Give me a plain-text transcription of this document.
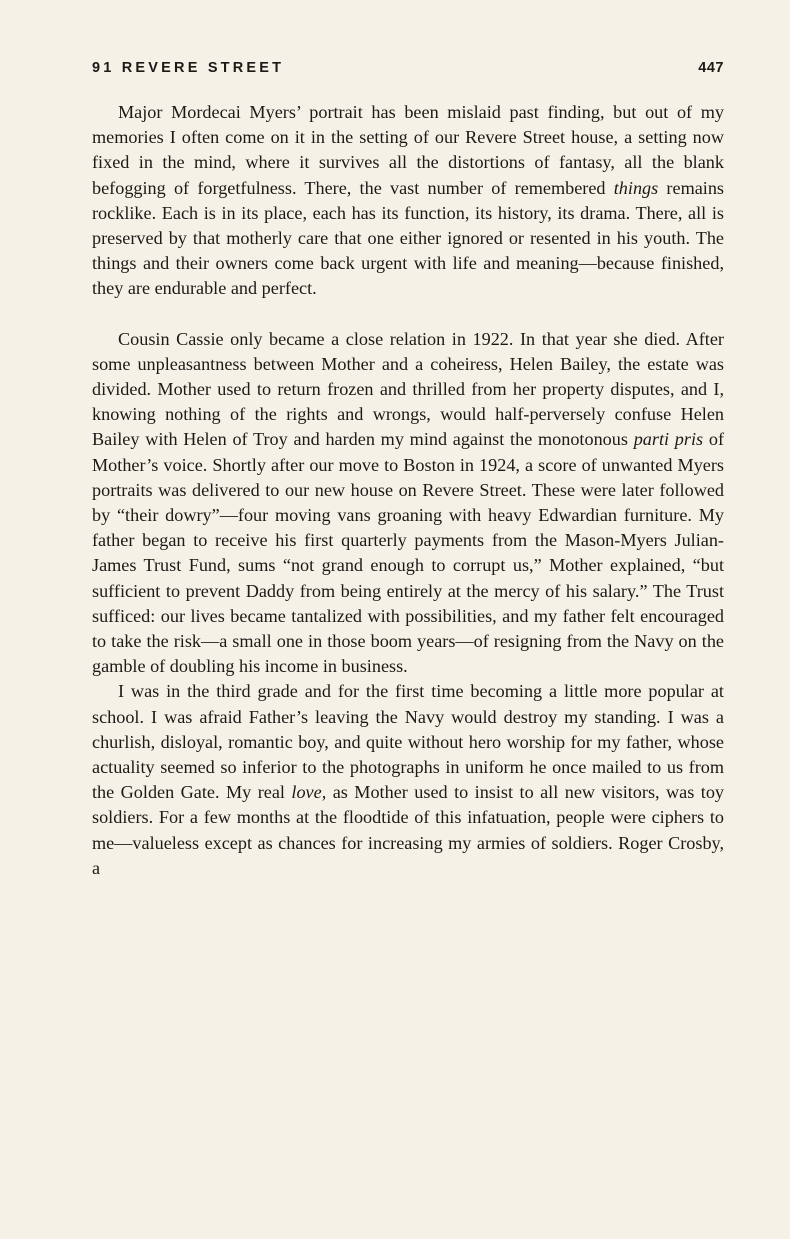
91 REVERE STREET	447

Major Mordecai Myers’ portrait has been mislaid past finding, but out of my memories I often come on it in the setting of our Revere Street house, a setting now fixed in the mind, where it survives all the distortions of fantasy, all the blank befogging of forgetfulness. There, the vast number of remembered things remains rocklike. Each is in its place, each has its function, its history, its drama. There, all is preserved by that motherly care that one either ignored or resented in his youth. The things and their owners come back urgent with life and meaning—because finished, they are endurable and perfect.

Cousin Cassie only became a close relation in 1922. In that year she died. After some unpleasantness between Mother and a coheiress, Helen Bailey, the estate was divided. Mother used to return frozen and thrilled from her property disputes, and I, knowing nothing of the rights and wrongs, would half-perversely confuse Helen Bailey with Helen of Troy and harden my mind against the monotonous parti pris of Mother’s voice. Shortly after our move to Boston in 1924, a score of unwanted Myers portraits was delivered to our new house on Revere Street. These were later followed by “their dowry”—four moving vans groaning with heavy Edwardian furniture. My father began to receive his first quarterly payments from the Mason-Myers Julian-James Trust Fund, sums “not grand enough to corrupt us,” Mother explained, “but sufficient to prevent Daddy from being entirely at the mercy of his salary.” The Trust sufficed: our lives became tantalized with possibilities, and my father felt encouraged to take the risk—a small one in those boom years—of resigning from the Navy on the gamble of doubling his income in business.

I was in the third grade and for the first time becoming a little more popular at school. I was afraid Father’s leaving the Navy would destroy my standing. I was a churlish, disloyal, romantic boy, and quite without hero worship for my father, whose actuality seemed so inferior to the photographs in uniform he once mailed to us from the Golden Gate. My real love, as Mother used to insist to all new visitors, was toy soldiers. For a few months at the floodtide of this infatuation, people were ciphers to me—valueless except as chances for increasing my armies of soldiers. Roger Crosby, a
